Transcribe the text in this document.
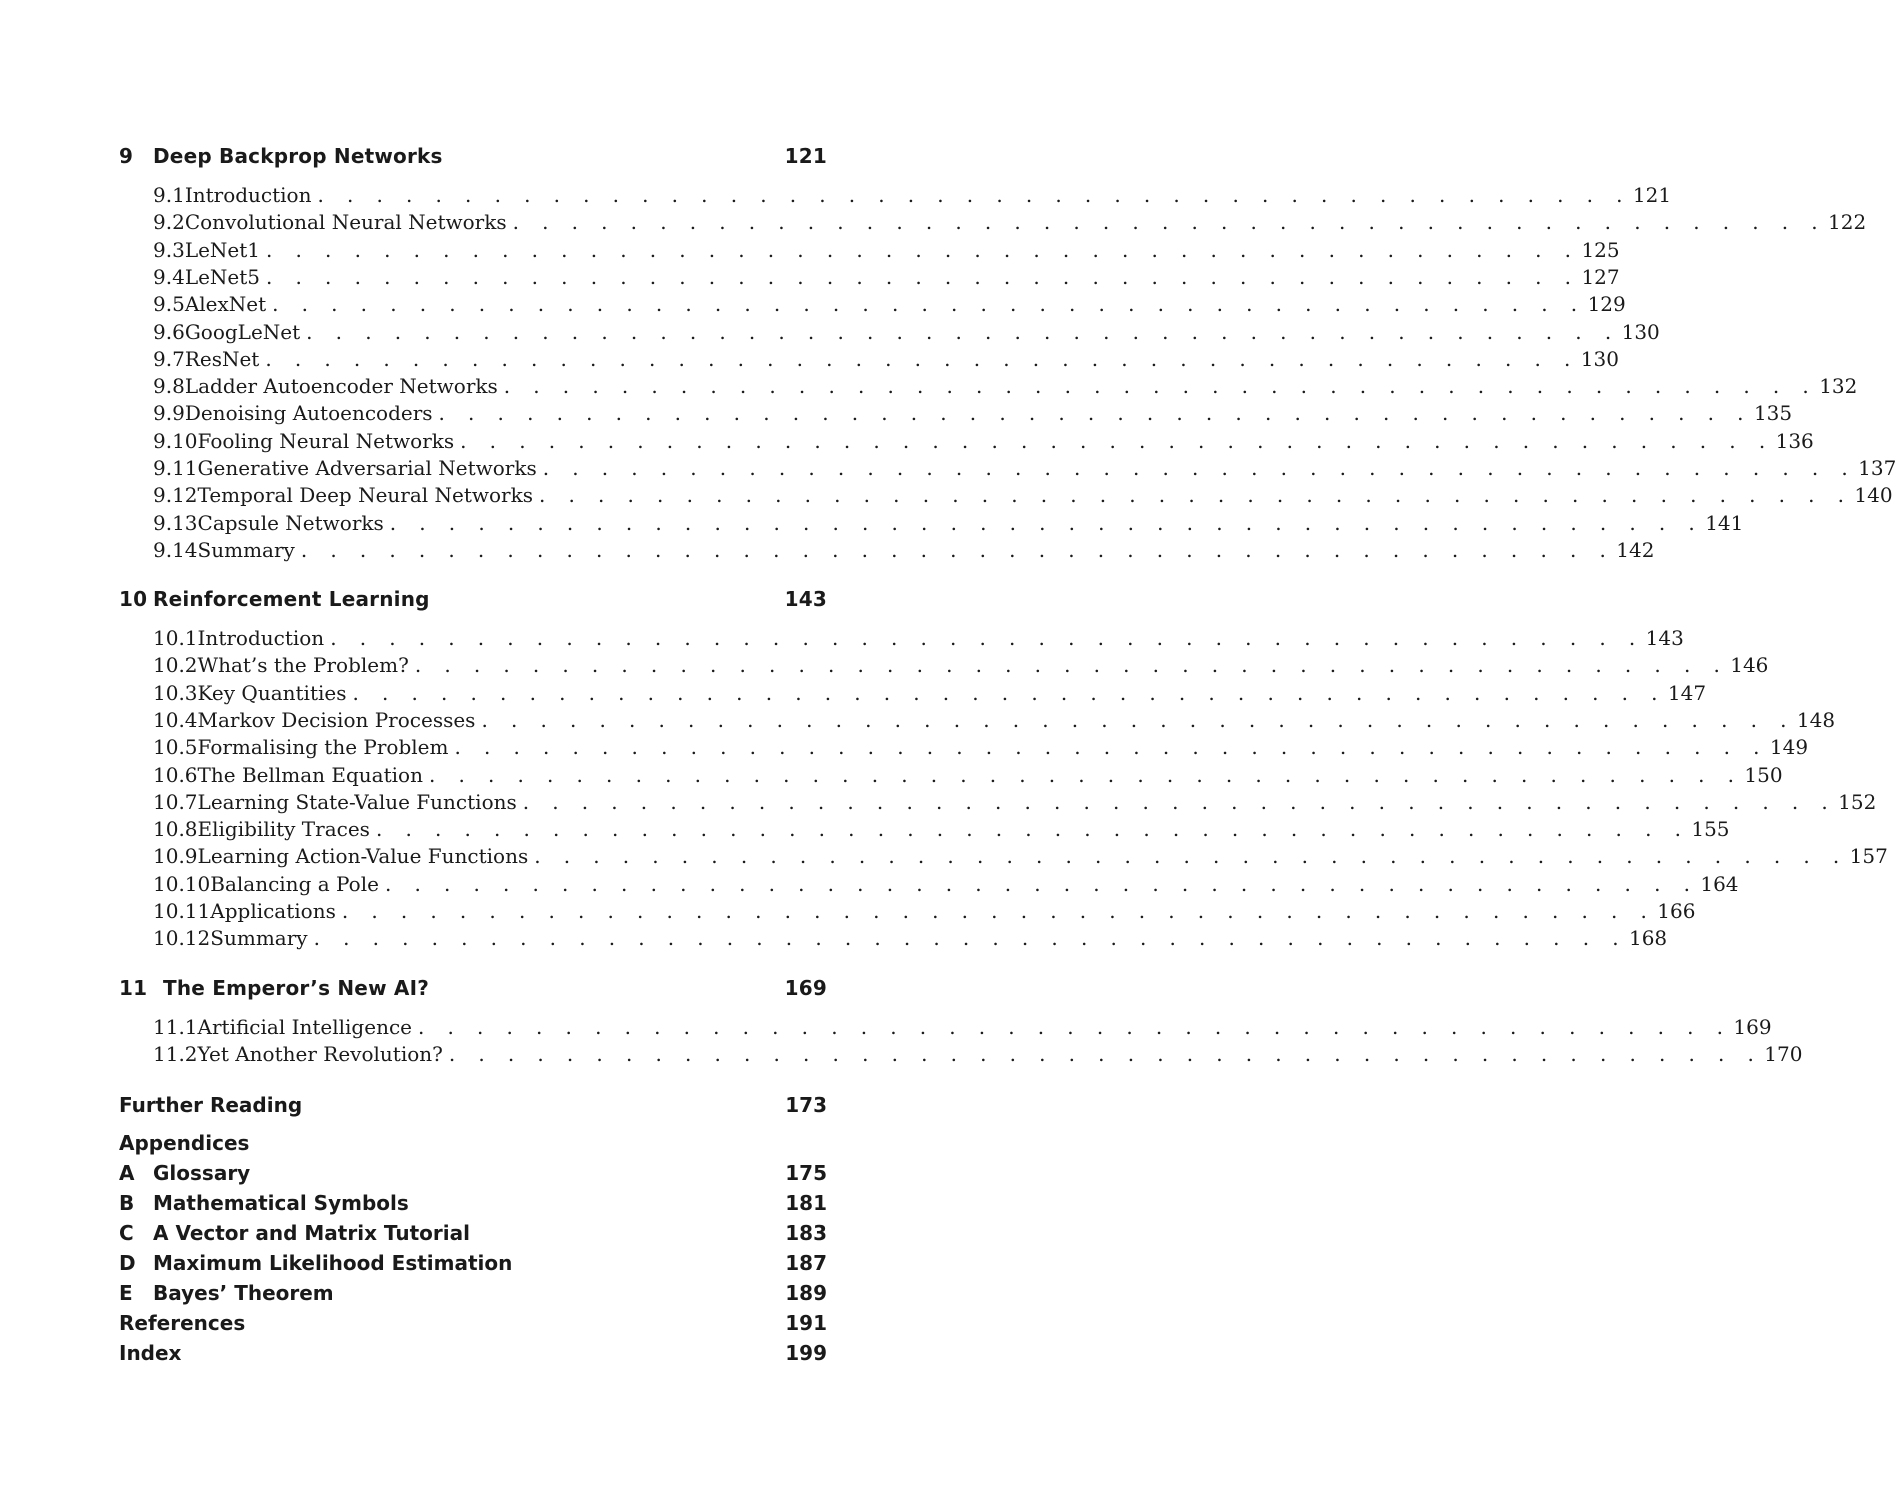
9 Deep Backprop Networks	121
9.1 Introduction . . . . . . . . . . . . . . . . . . . . . . . . . . . . . . . . . . . . . . . . . . . . . 121
9.2 Convolutional Neural Networks . . . . . . . . . . . . . . . . . . . . . . . . . . . . . . . . . . . . . . . . . . . . . 122
9.3 LeNet1 . . . . . . . . . . . . . . . . . . . . . . . . . . . . . . . . . . . . . . . . . . . . . 125
9.4 LeNet5 . . . . . . . . . . . . . . . . . . . . . . . . . . . . . . . . . . . . . . . . . . . . . 127
9.5 AlexNet . . . . . . . . . . . . . . . . . . . . . . . . . . . . . . . . . . . . . . . . . . . . . 129
9.6 GoogLeNet . . . . . . . . . . . . . . . . . . . . . . . . . . . . . . . . . . . . . . . . . . . . . 130
9.7 ResNet . . . . . . . . . . . . . . . . . . . . . . . . . . . . . . . . . . . . . . . . . . . . . 130
9.8 Ladder Autoencoder Networks . . . . . . . . . . . . . . . . . . . . . . . . . . . . . . . . . . . . . . . . . . . . . 132
9.9 Denoising Autoencoders . . . . . . . . . . . . . . . . . . . . . . . . . . . . . . . . . . . . . . . . . . . . . 135
9.10 Fooling Neural Networks . . . . . . . . . . . . . . . . . . . . . . . . . . . . . . . . . . . . . . . . . . . . . 136
9.11 Generative Adversarial Networks . . . . . . . . . . . . . . . . . . . . . . . . . . . . . . . . . . . . . . . . . . . . . 137
9.12 Temporal Deep Neural Networks . . . . . . . . . . . . . . . . . . . . . . . . . . . . . . . . . . . . . . . . . . . . . 140
9.13 Capsule Networks . . . . . . . . . . . . . . . . . . . . . . . . . . . . . . . . . . . . . . . . . . . . . 141
9.14 Summary . . . . . . . . . . . . . . . . . . . . . . . . . . . . . . . . . . . . . . . . . . . . . 142
10 Reinforcement Learning	143
10.1 Introduction . . . . . . . . . . . . . . . . . . . . . . . . . . . . . . . . . . . . . . . . . . . . . 143
10.2 What’s the Problem? . . . . . . . . . . . . . . . . . . . . . . . . . . . . . . . . . . . . . . . . . . . . . 146
10.3 Key Quantities . . . . . . . . . . . . . . . . . . . . . . . . . . . . . . . . . . . . . . . . . . . . . 147
10.4 Markov Decision Processes . . . . . . . . . . . . . . . . . . . . . . . . . . . . . . . . . . . . . . . . . . . . . 148
10.5 Formalising the Problem . . . . . . . . . . . . . . . . . . . . . . . . . . . . . . . . . . . . . . . . . . . . . 149
10.6 The Bellman Equation . . . . . . . . . . . . . . . . . . . . . . . . . . . . . . . . . . . . . . . . . . . . . 150
10.7 Learning State-Value Functions . . . . . . . . . . . . . . . . . . . . . . . . . . . . . . . . . . . . . . . . . . . . . 152
10.8 Eligibility Traces . . . . . . . . . . . . . . . . . . . . . . . . . . . . . . . . . . . . . . . . . . . . . 155
10.9 Learning Action-Value Functions . . . . . . . . . . . . . . . . . . . . . . . . . . . . . . . . . . . . . . . . . . . . . 157
10.10 Balancing a Pole . . . . . . . . . . . . . . . . . . . . . . . . . . . . . . . . . . . . . . . . . . . . . 164
10.11 Applications . . . . . . . . . . . . . . . . . . . . . . . . . . . . . . . . . . . . . . . . . . . . . 166
10.12 Summary . . . . . . . . . . . . . . . . . . . . . . . . . . . . . . . . . . . . . . . . . . . . . 168
11 The Emperor’s New AI?	169
11.1 Artificial Intelligence . . . . . . . . . . . . . . . . . . . . . . . . . . . . . . . . . . . . . . . . . . . . . 169
11.2 Yet Another Revolution? . . . . . . . . . . . . . . . . . . . . . . . . . . . . . . . . . . . . . . . . . . . . . 170
Further Reading	173
Appendices
A Glossary	175
B Mathematical Symbols	181
C A Vector and Matrix Tutorial	183
D Maximum Likelihood Estimation	187
E	Bayes’ Theorem	189
References	191
Index	199
